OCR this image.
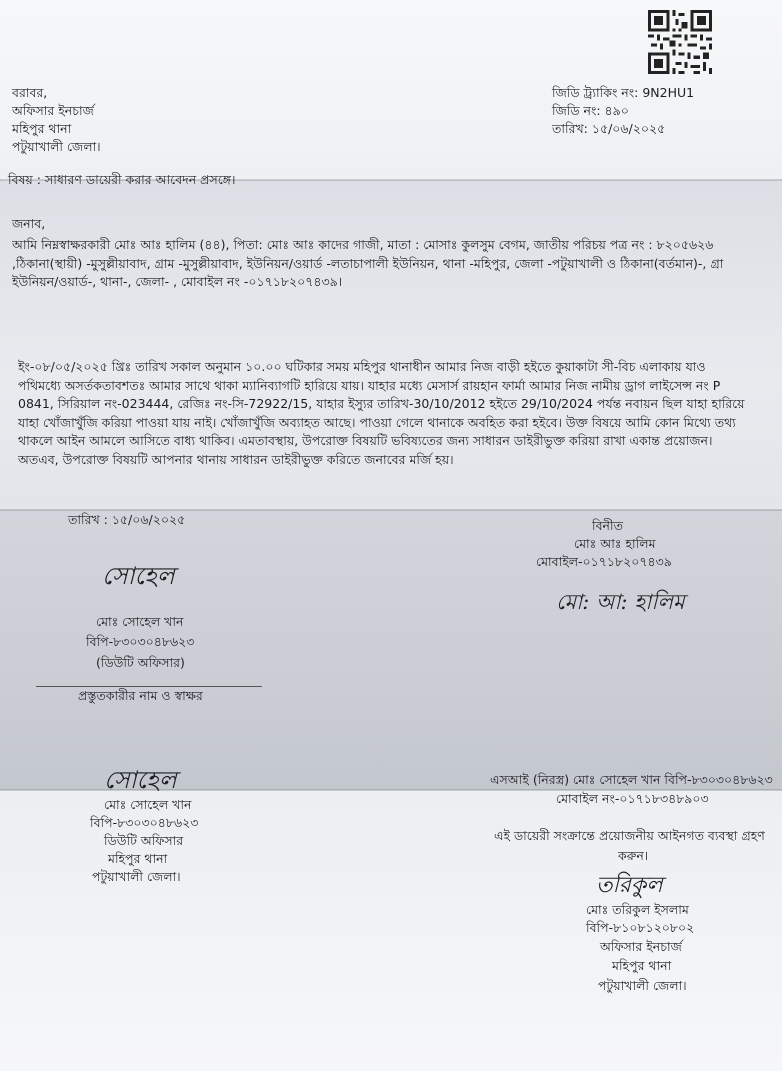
বরাবর,
অফিসার ইনচার্জ
মহিপুর থানা
পটুয়াখালী জেলা।
জিডি ট্র্যাকিং নং: 9N2HU1
জিডি নং: ৪৯০
তারিখ: ১৫/০৬/২০২৫
বিষয় : সাধারণ ডায়েরী করার আবেদন প্রসঙ্গে।
জনাব,
আমি নিম্নস্বাক্ষরকারী মোঃ আঃ হালিম (৪৪), পিতা: মোঃ আঃ কাদের গাজী, মাতা : মোসাঃ কুলসুম বেগম, জাতীয় পরিচয় পত্র নং : ৮২০৫৬২৬
,ঠিকানা(স্থায়ী) -মুসুল্লীয়াবাদ, গ্রাম -মুসুল্লীয়াবাদ, ইউনিয়ন/ওয়ার্ড -লতাচাপালী ইউনিয়ন, থানা -মহিপুর, জেলা -পটুয়াখালী ও ঠিকানা(বর্তমান)-, গ্রা
ইউনিয়ন/ওয়ার্ড-, থানা-, জেলা- , মোবাইল নং -০১৭১৮২০৭৪৩৯।
ইং-০৮/০৫/২০২৫ খ্রিঃ তারিখ সকাল অনুমান ১০.০০ ঘটিকার সময় মহিপুর থানাধীন আমার নিজ বাড়ী হইতে কুয়াকাটা সী-বিচ এলাকায় যাও
পথিমধ্যে অসর্তকতাবশতঃ আমার সাথে থাকা ম্যানিব্যাগটি হারিয়ে যায়। যাহার মধ্যে মেসার্স রায়হান ফার্মা আমার নিজ নামীয় ড্রাগ লাইসেন্স নং P
0841, সিরিয়াল নং-023444, রেজিঃ নং-সি-72922/15, যাহার ইস্যুর তারিখ-30/10/2012 হইতে 29/10/2024 পর্যন্ত নবায়ন ছিল যাহা হারিয়ে
যাহা খোঁজাখুঁজি করিয়া পাওয়া যায় নাই। খোঁজাখুঁজি অব্যাহত আছে। পাওয়া গেলে থানাকে অবহিত করা হইবে। উক্ত বিষয়ে আমি কোন মিথ্যে তথ্য
থাকলে আইন আমলে আসিতে বাধ্য থাকিব। এমতাবস্থায়, উপরোক্ত বিষয়টি ভবিষ্যতের জন্য সাধারন ডাইরীভুক্ত করিয়া রাখা একান্ত প্রয়োজন।
অতএব, উপরোক্ত বিষয়টি আপনার থানায় সাধারন ডাইরীভুক্ত করিতে জনাবের মর্জি হয়।
তারিখ : ১৫/০৬/২০২৫	বিনীত
মোঃ আঃ হালিম
মোবাইল-০১৭১৮২০৭৪৩৯
মো: আ: হালিম
সোহেল
মোঃ সোহেল খান
বিপি-৮৩০৩০৪৮৬২৩
(ডিউটি অফিসার)
প্রস্তুতকারীর নাম ও স্বাক্ষর
সোহেল
মোঃ সোহেল খান
বিপি-৮৩০৩০৪৮৬২৩
ডিউটি অফিসার
মহিপুর থানা
পটুয়াখালী জেলা।
এসআই (নিরস্ত্র) মোঃ সোহেল খান বিপি-৮৩০৩০৪৮৬২৩
মোবাইল নং-০১৭১৮৩৪৮৯০৩
এই ডায়েরী সংক্রান্তে প্রয়োজনীয় আইনগত ব্যবস্থা গ্রহণ
করুন।
তরিকুল
মোঃ তরিকুল ইসলাম
বিপি-৮১০৮১২০৮০২
অফিসার ইনচার্জ
মহিপুর থানা
পটুয়াখালী জেলা।
